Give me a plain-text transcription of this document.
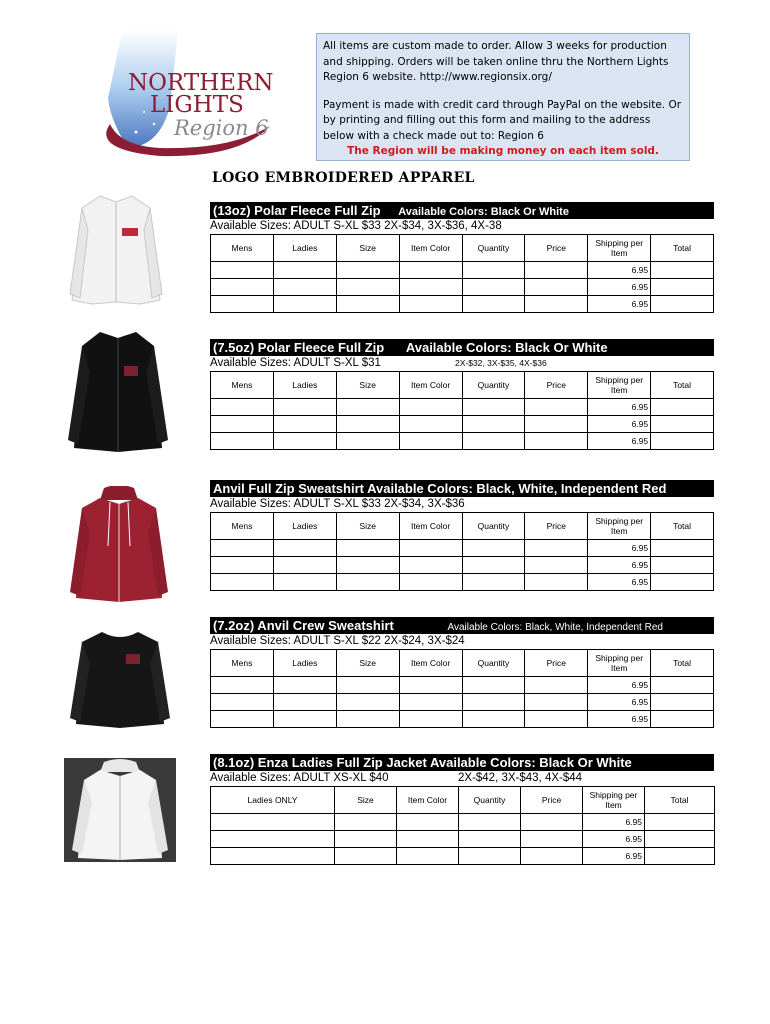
NORTHERN
LIGHTS
Region 6

All items are custom made to order. Allow 3 weeks for production and shipping. Orders will be taken online thru the Northern Lights Region 6 website. http://www.regionsix.org/

Payment is made with credit card through PayPal on the website. Or by printing and filling out this form and mailing to the address below with a check made out to: Region 6

The Region will be making money on each item sold.

LOGO EMBROIDERED APPAREL
(13oz) Polar Fleece Full Zip Available Colors: Black Or White
Available Sizes: ADULT S-XL $33 2X-$34, 3X-$36, 4X-38
Mens	Ladies	Size	Item Color	Quantity	Price	Shipping per Item	Total
						6.95	
						6.95	
						6.95	
(7.5oz) Polar Fleece Full Zip Available Colors: Black Or White
Available Sizes: ADULT S-XL $31	2X-$32, 3X-$35, 4X-$36
Mens	Ladies	Size	Item Color	Quantity	Price	Shipping per Item	Total
						6.95	
						6.95	
						6.95	
Anvil Full Zip Sweatshirt Available Colors: Black, White, Independent Red
Available Sizes: ADULT S-XL $33 2X-$34, 3X-$36
Mens	Ladies	Size	Item Color	Quantity	Price	Shipping per Item	Total
						6.95	
						6.95	
						6.95	
(7.2oz) Anvil Crew Sweatshirt	Available Colors: Black, White, Independent Red
Available Sizes: ADULT S-XL $22 2X-$24, 3X-$24
Mens	Ladies	Size	Item Color	Quantity	Price	Shipping per Item	Total
						6.95	
						6.95	
						6.95	
(8.1oz) Enza Ladies Full Zip Jacket Available Colors: Black Or White
Available Sizes: ADULT XS-XL $40	2X-$42, 3X-$43, 4X-$44
Ladies ONLY	Size	Item Color	Quantity	Price	Shipping per Item	Total
					6.95	
					6.95	
					6.95	
